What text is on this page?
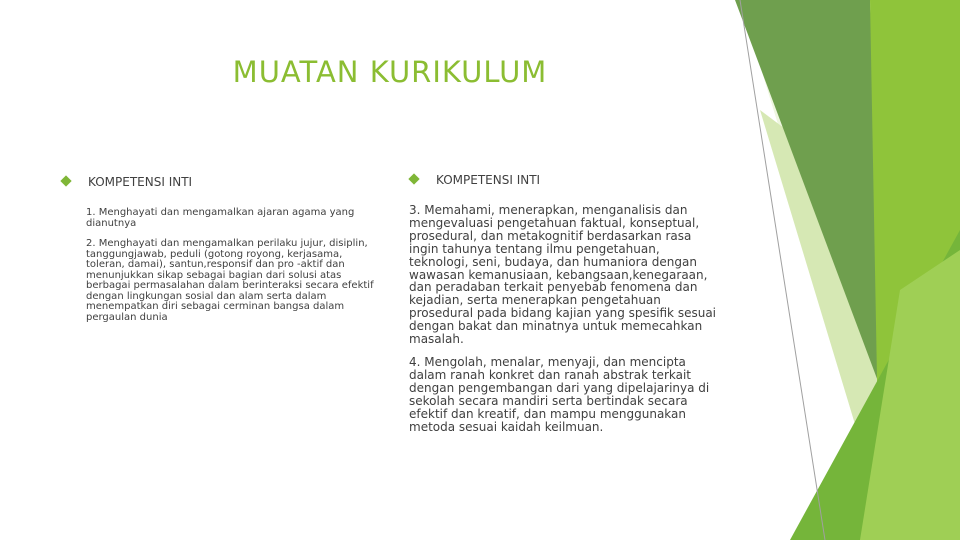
MUATAN KURIKULUM
KOMPETENSI INTI

1. Menghayati dan mengamalkan ajaran agama yang dianutnya

2. Menghayati dan mengamalkan perilaku jujur, disiplin, tanggungjawab, peduli (gotong royong, kerjasama, toleran, damai), santun,responsif dan pro -aktif dan menunjukkan sikap sebagai bagian dari solusi atas berbagai permasalahan dalam berinteraksi secara efektif dengan lingkungan sosial dan alam serta dalam menempatkan diri sebagai cerminan bangsa dalam pergaulan dunia

KOMPETENSI INTI

3. Memahami, menerapkan, menganalisis dan mengevaluasi pengetahuan faktual, konseptual, prosedural, dan metakognitif berdasarkan rasa ingin tahunya tentang ilmu pengetahuan, teknologi, seni, budaya, dan humaniora dengan wawasan kemanusiaan, kebangsaan,kenegaraan, dan peradaban terkait penyebab fenomena dan kejadian, serta menerapkan pengetahuan prosedural pada bidang kajian yang spesifik sesuai dengan bakat dan minatnya untuk memecahkan masalah.

4. Mengolah, menalar, menyaji, dan mencipta dalam ranah konkret dan ranah abstrak terkait dengan pengembangan dari yang dipelajarinya di sekolah secara mandiri serta bertindak secara efektif dan kreatif, dan mampu menggunakan metoda sesuai kaidah keilmuan.
